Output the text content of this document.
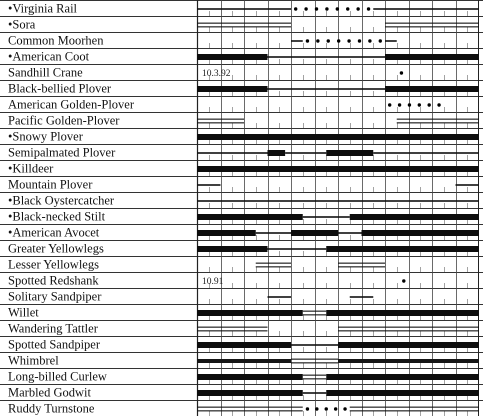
•Virginia Rail
•Sora
Common Moorhen
•American Coot
Sandhill Crane	10.3.92
Black-bellied Plover
American Golden-Plover
Pacific Golden-Plover
•Snowy Plover
Semipalmated Plover
•Killdeer
Mountain Plover
•Black Oystercatcher
•Black-necked Stilt
•American Avocet
Greater Yellowlegs
Lesser Yellowlegs
Spotted Redshank	10.91
Solitary Sandpiper
Willet
Wandering Tattler
Spotted Sandpiper
Whimbrel
Long-billed Curlew
Marbled Godwit
Ruddy Turnstone
